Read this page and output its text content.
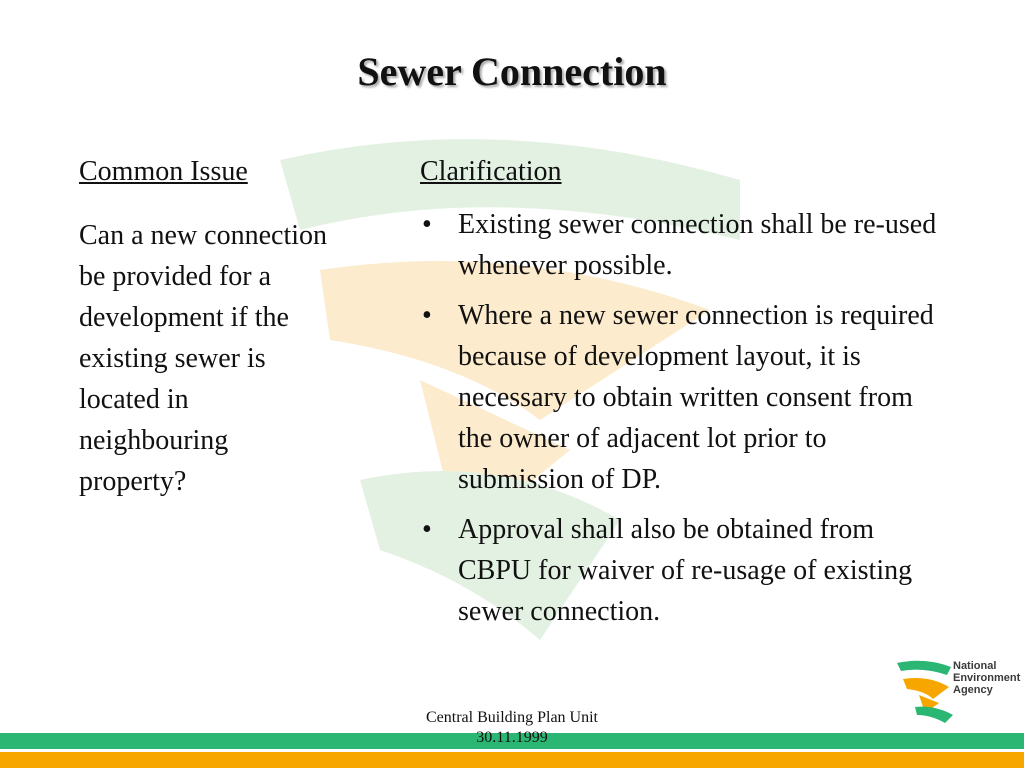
Sewer Connection
Common Issue
Can a new connection be provided for a development if the existing sewer is located in neighbouring property?
Clarification
• Existing sewer connection shall be re-used whenever possible.
• Where a new sewer connection is required because of development layout, it is necessary to obtain written consent from the owner of adjacent lot prior to submission of DP.
• Approval shall also be obtained from CBPU for waiver of re-usage of existing sewer connection.
National
Environment
Agency
Central Building Plan Unit
30.11.1999
